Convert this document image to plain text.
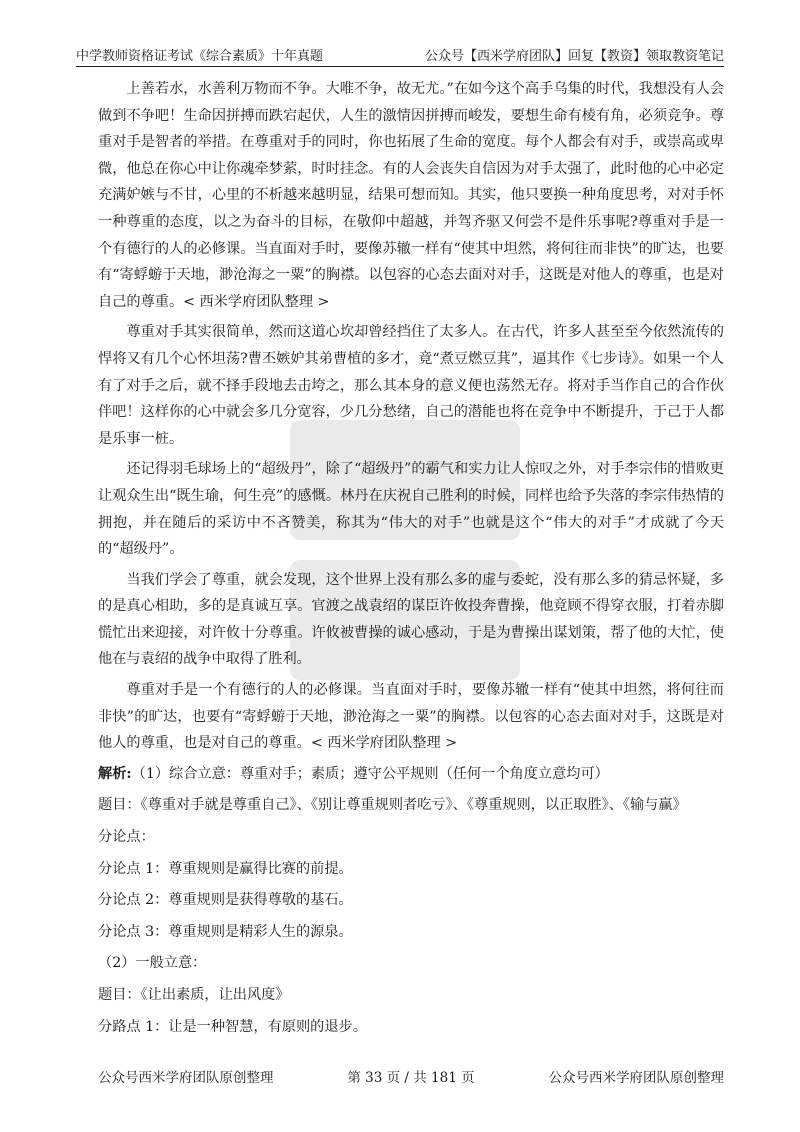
中学教师资格证考试《综合素质》十年真题	公众号【西米学府团队】回复【教资】领取教资笔记

上善若水，水善利万物而不争。大唯不争，故无尤。”在如今这个高手乌集的时代，我想没有人会做到不争吧！生命因拼搏而跌宕起伏，人生的激情因拼搏而峻发，要想生命有棱有角，必须竞争。尊重对手是智者的举措。在尊重对手的同时，你也拓展了生命的宽度。每个人都会有对手，或崇高或卑微，他总在你心中让你魂牵梦萦，时时挂念。有的人会丧失自信因为对手太强了，此时他的心中必定充满妒嫉与不甘，心里的不析越来越明显，结果可想而知。其实，他只要换一种角度思考，对对手怀一种尊重的态度，以之为奋斗的目标，在敬仰中超越，并驾齐驱又何尝不是件乐事呢?尊重对手是一个有德行的人的必修课。当直面对手时，要像苏辙一样有“使其中坦然，将何往而非快”的旷达，也要有“寄蜉蝣于天地，渺沧海之一粟”的胸襟。以包容的心态去面对对手，这既是对他人的尊重，也是对自己的尊重。< 西米学府团队整理 >

尊重对手其实很简单，然而这道心坎却曾经挡住了太多人。在古代，许多人甚至至今依然流传的悍将又有几个心怀坦荡?曹丕嫉妒其弟曹植的多才，竟“煮豆燃豆萁”，逼其作《七步诗》。如果一个人有了对手之后，就不择手段地去击垮之，那么其本身的意义便也荡然无存。将对手当作自己的合作伙伴吧！这样你的心中就会多几分宽容，少几分愁绪，自己的潜能也将在竞争中不断提升，于己于人都是乐事一桩。

还记得羽毛球场上的“超级丹”，除了“超级丹”的霸气和实力让人惊叹之外，对手李宗伟的惜败更让观众生出“既生瑜，何生亮”的感慨。林丹在庆祝自己胜利的时候，同样也给予失落的李宗伟热情的拥抱，并在随后的采访中不吝赞美，称其为“伟大的对手”也就是这个“伟大的对手”才成就了今天的“超级丹”。

当我们学会了尊重，就会发现，这个世界上没有那么多的虚与委蛇，没有那么多的猜忌怀疑，多的是真心相助，多的是真诚互享。官渡之战袁绍的谋臣许攸投奔曹操，他竟顾不得穿衣服，打着赤脚慌忙出来迎接，对许攸十分尊重。许攸被曹操的诚心感动，于是为曹操出谋划策，帮了他的大忙，使他在与袁绍的战争中取得了胜利。

尊重对手是一个有德行的人的必修课。当直面对手时，要像苏辙一样有“使其中坦然，将何往而非快”的旷达，也要有“寄蜉蝣于天地，渺沧海之一粟”的胸襟。以包容的心态去面对对手，这既是对他人的尊重，也是对自己的尊重。< 西米学府团队整理 >

解析:（1）综合立意：尊重对手；素质；遵守公平规则（任何一个角度立意均可）

题目：《尊重对手就是尊重自己》、《别让尊重规则者吃亏》、《尊重规则，以正取胜》、《输与赢》

分论点：

分论点 1：尊重规则是赢得比赛的前提。

分论点 2：尊重规则是获得尊敬的基石。

分论点 3：尊重规则是精彩人生的源泉。

（2）一般立意：

题目：《让出素质，让出风度》

分路点 1：让是一种智慧，有原则的退步。

公众号西米学府团队原创整理	第 33 页 / 共 181 页	公众号西米学府团队原创整理
